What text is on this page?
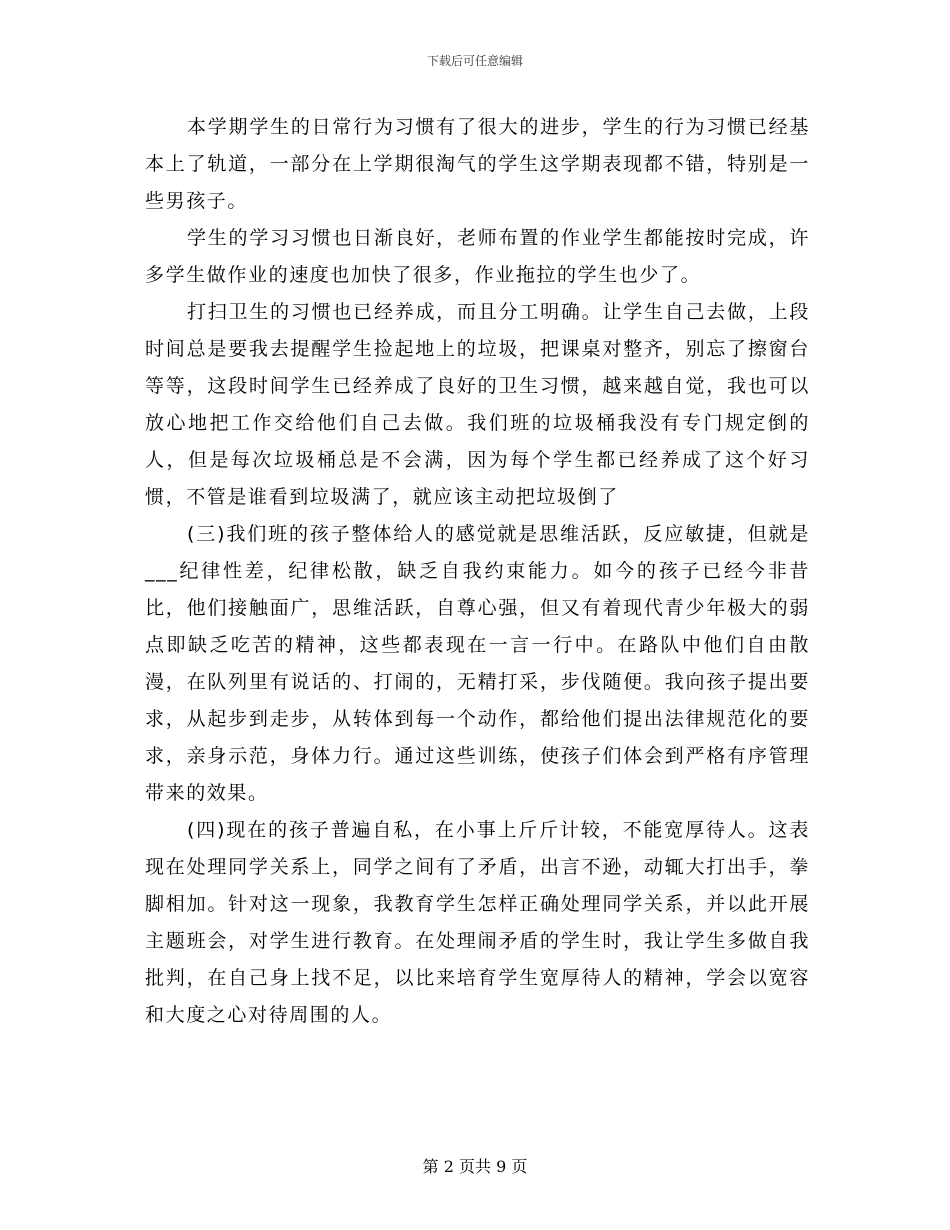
下载后可任意编辑

本学期学生的日常行为习惯有了很大的进步，学生的行为习惯已经基本上了轨道，一部分在上学期很淘气的学生这学期表现都不错，特别是一些男孩子。

学生的学习习惯也日渐良好，老师布置的作业学生都能按时完成，许多学生做作业的速度也加快了很多，作业拖拉的学生也少了。

打扫卫生的习惯也已经养成，而且分工明确。让学生自己去做，上段时间总是要我去提醒学生捡起地上的垃圾，把课桌对整齐，别忘了擦窗台等等，这段时间学生已经养成了良好的卫生习惯，越来越自觉，我也可以放心地把工作交给他们自己去做。我们班的垃圾桶我没有专门规定倒的人，但是每次垃圾桶总是不会满，因为每个学生都已经养成了这个好习惯，不管是谁看到垃圾满了，就应该主动把垃圾倒了

(三)我们班的孩子整体给人的感觉就是思维活跃，反应敏捷，但就是___纪律性差，纪律松散，缺乏自我约束能力。如今的孩子已经今非昔比，他们接触面广，思维活跃，自尊心强，但又有着现代青少年极大的弱点即缺乏吃苦的精神，这些都表现在一言一行中。在路队中他们自由散漫，在队列里有说话的、打闹的，无精打采，步伐随便。我向孩子提出要求，从起步到走步，从转体到每一个动作，都给他们提出法律规范化的要求，亲身示范，身体力行。通过这些训练，使孩子们体会到严格有序管理带来的效果。

(四)现在的孩子普遍自私，在小事上斤斤计较，不能宽厚待人。这表现在处理同学关系上，同学之间有了矛盾，出言不逊，动辄大打出手，拳脚相加。针对这一现象，我教育学生怎样正确处理同学关系，并以此开展主题班会，对学生进行教育。在处理闹矛盾的学生时，我让学生多做自我批判，在自己身上找不足，以比来培育学生宽厚待人的精神，学会以宽容和大度之心对待周围的人。

第 2 页共 9 页
